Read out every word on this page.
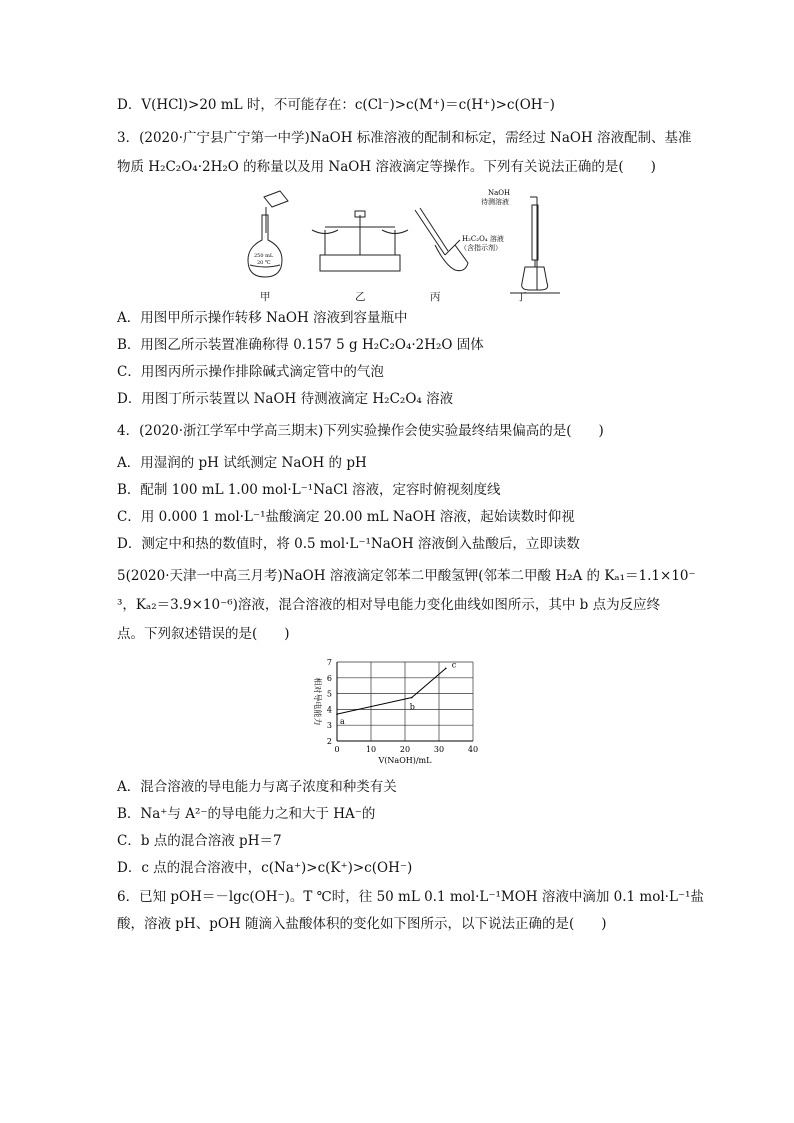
D．V(HCl)>20 mL 时，不可能存在：c(Cl⁻)>c(M⁺)＝c(H⁺)>c(OH⁻)
3．(2020·广宁县广宁第一中学)NaOH 标准溶液的配制和标定，需经过 NaOH 溶液配制、基准
物质 H₂C₂O₄·2H₂O 的称量以及用 NaOH 溶液滴定等操作。下列有关说法正确的是(　　)
250 mL
20 ℃
NaOH
待测溶液
H₂C₂O₄ 溶液
（含指示剂）
甲	乙	丙	丁
A．用图甲所示操作转移 NaOH 溶液到容量瓶中
B．用图乙所示装置准确称得 0.157 5 g H₂C₂O₄·2H₂O 固体
C．用图丙所示操作排除碱式滴定管中的气泡
D．用图丁所示装置以 NaOH 待测液滴定 H₂C₂O₄ 溶液
4．(2020·浙江学军中学高三期末)下列实验操作会使实验最终结果偏高的是(　　)
A．用湿润的 pH 试纸测定 NaOH 的 pH
B．配制 100 mL 1.00 mol·L⁻¹NaCl 溶液，定容时俯视刻度线
C．用 0.000 1 mol·L⁻¹盐酸滴定 20.00 mL NaOH 溶液，起始读数时仰视
D．测定中和热的数值时，将 0.5 mol·L⁻¹NaOH 溶液倒入盐酸后，立即读数
5(2020·天津一中高三月考)NaOH 溶液滴定邻苯二甲酸氢钾(邻苯二甲酸 H₂A 的 Kₐ₁＝1.1×10⁻
³，Kₐ₂＝3.9×10⁻⁶)溶液，混合溶液的相对导电能力变化曲线如图所示，其中 b 点为反应终
点。下列叙述错误的是(　　)
2
3
4
5
6
7
0	10	20	30	40
a
b
c
V(NaOH)/mL
相对导电能力
A．混合溶液的导电能力与离子浓度和种类有关
B．Na⁺与 A²⁻的导电能力之和大于 HA⁻的
C．b 点的混合溶液 pH＝7
D．c 点的混合溶液中，c(Na⁺)>c(K⁺)>c(OH⁻)
6．已知 pOH＝－lgc(OH⁻)。T ℃时，往 50 mL 0.1 mol·L⁻¹MOH 溶液中滴加 0.1 mol·L⁻¹盐
酸，溶液 pH、pOH 随滴入盐酸体积的变化如下图所示，以下说法正确的是(　　)
